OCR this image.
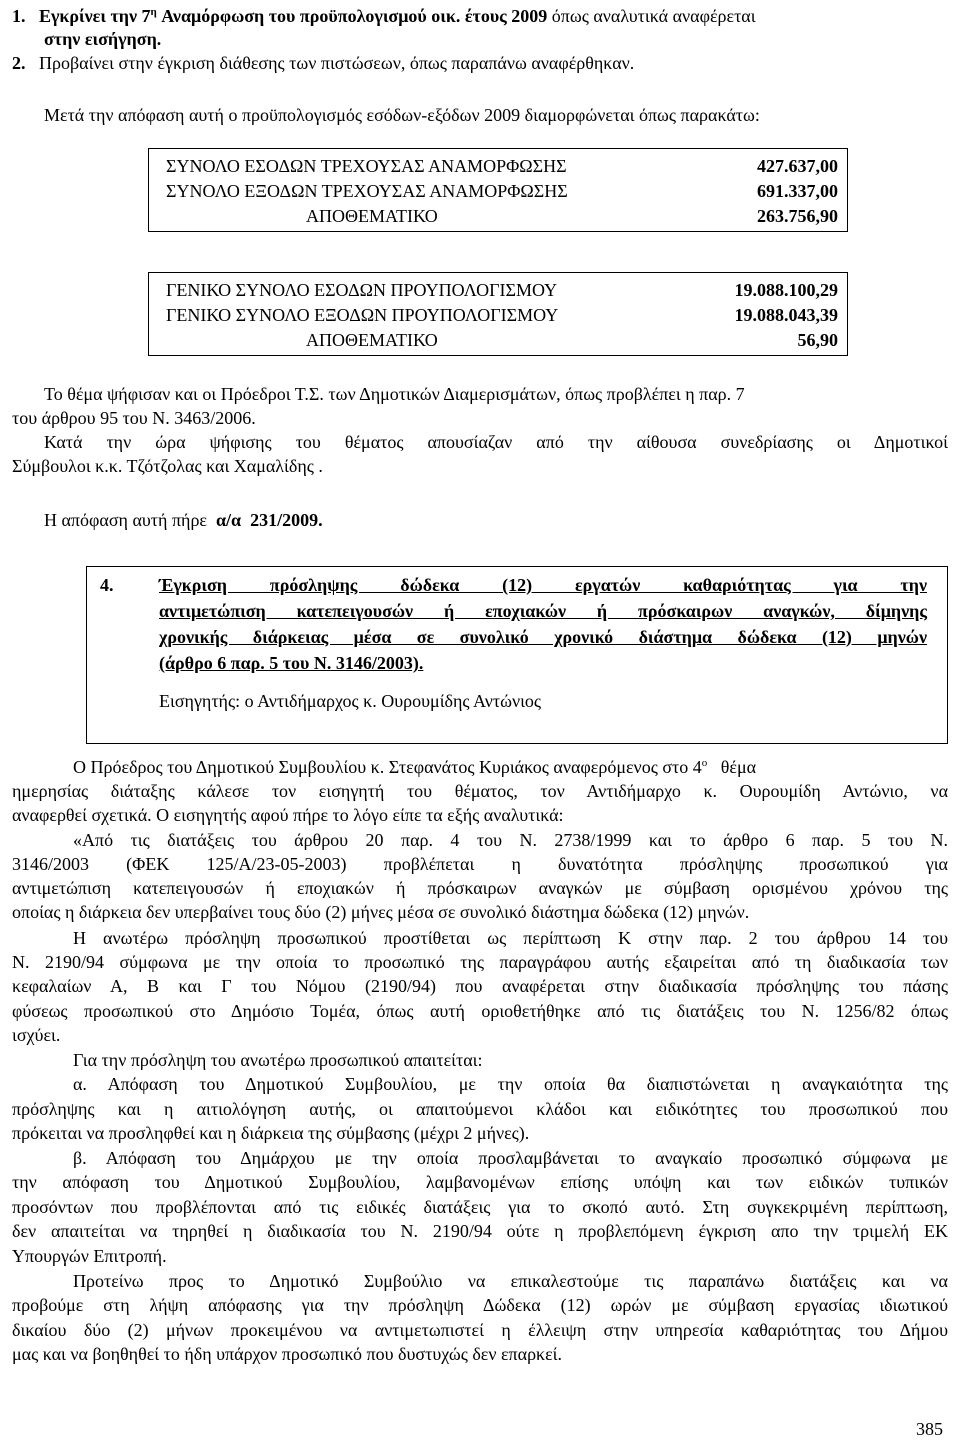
1. Εγκρίνει την $7^\eta$ Αναμόρφωση του προϋπολογισμού οικ. έτους 2009 όπως αναλυτικά αναφέρεται
στην εισήγηση.
2. Προβαίνει στην έγκριση διάθεσης των πιστώσεων, όπως παραπάνω αναφέρθηκαν.
Μετά την απόφαση αυτή ο προϋπολογισμός εσόδων-εξόδων 2009 διαμορφώνεται όπως παρακάτω:
ΣΥΝΟΛΟ ΕΣΟΔΩΝ ΤΡΕΧΟΥΣΑΣ ΑΝΑΜΟΡΦΩΣΗΣ	427.637,00
ΣΥΝΟΛΟ ΕΞΟΔΩΝ ΤΡΕΧΟΥΣΑΣ ΑΝΑΜΟΡΦΩΣΗΣ	691.337,00
ΑΠΟΘΕΜΑΤΙΚΟ	263.756,90
ΓΕΝΙΚΟ ΣΥΝΟΛΟ ΕΣΟΔΩΝ ΠΡΟΥΠΟΛΟΓΙΣΜΟΥ	19.088.100,29
ΓΕΝΙΚΟ ΣΥΝΟΛΟ ΕΞΟΔΩΝ ΠΡΟΥΠΟΛΟΓΙΣΜΟΥ	19.088.043,39
ΑΠΟΘΕΜΑΤΙΚΟ	56,90
Το θέμα ψήφισαν και οι Πρόεδροι Τ.Σ. των Δημοτικών Διαμερισμάτων, όπως προβλέπει η παρ. 7
του άρθρου 95 του Ν. 3463/2006.
Κατά την ώρα ψήφισης του θέματος απουσίαζαν από την αίθουσα συνεδρίασης οι Δημοτικοί
Σύμβουλοι κ.κ. Τζότζολας και Χαμαλίδης .
Η απόφαση αυτή πήρε α/α 231/2009.
4.	Έγκριση πρόσληψης δώδεκα (12) εργατών καθαριότητας για την
αντιμετώπιση κατεπειγουσών ή εποχιακών ή πρόσκαιρων αναγκών, δίμηνης
χρονικής διάρκειας μέσα σε συνολικό χρονικό διάστημα δώδεκα (12) μηνών
(άρθρο 6 παρ. 5 του Ν. 3146/2003).
Εισηγητής: ο Αντιδήμαρχος κ. Ουρουμίδης Αντώνιος
Ο Πρόεδρος του Δημοτικού Συμβουλίου κ. Στεφανάτος Κυριάκος αναφερόμενος στο $4^o$ θέμα
ημερησίας διάταξης κάλεσε τον εισηγητή του θέματος, τον Αντιδήμαρχο κ. Ουρουμίδη Αντώνιο, να
αναφερθεί σχετικά. Ο εισηγητής αφού πήρε το λόγο είπε τα εξής αναλυτικά:
«Από τις διατάξεις του άρθρου 20 παρ. 4 του Ν. 2738/1999 και το άρθρο 6 παρ. 5 του Ν.
3146/2003 (ΦΕΚ 125/Α/23-05-2003) προβλέπεται η δυνατότητα πρόσληψης προσωπικού για
αντιμετώπιση κατεπειγουσών ή εποχιακών ή πρόσκαιρων αναγκών με σύμβαση ορισμένου χρόνου της
οποίας η διάρκεια δεν υπερβαίνει τους δύο (2) μήνες μέσα σε συνολικό διάστημα δώδεκα (12) μηνών.
Η ανωτέρω πρόσληψη προσωπικού προστίθεται ως περίπτωση Κ στην παρ. 2 του άρθρου 14 του
Ν. 2190/94 σύμφωνα με την οποία το προσωπικό της παραγράφου αυτής εξαιρείται από τη διαδικασία των
κεφαλαίων Α, Β και Γ του Νόμου (2190/94) που αναφέρεται στην διαδικασία πρόσληψης του πάσης
φύσεως προσωπικού στο Δημόσιο Τομέα, όπως αυτή οριοθετήθηκε από τις διατάξεις του Ν. 1256/82 όπως
ισχύει.
Για την πρόσληψη του ανωτέρω προσωπικού απαιτείται:
α. Απόφαση του Δημοτικού Συμβουλίου, με την οποία θα διαπιστώνεται η αναγκαιότητα της
πρόσληψης και η αιτιολόγηση αυτής, οι απαιτούμενοι κλάδοι και ειδικότητες του προσωπικού που
πρόκειται να προσληφθεί και η διάρκεια της σύμβασης (μέχρι 2 μήνες).
β. Απόφαση του Δημάρχου με την οποία προσλαμβάνεται το αναγκαίο προσωπικό σύμφωνα με
την απόφαση του Δημοτικού Συμβουλίου, λαμβανομένων επίσης υπόψη και των ειδικών τυπικών
προσόντων που προβλέπονται από τις ειδικές διατάξεις για το σκοπό αυτό. Στη συγκεκριμένη περίπτωση,
δεν απαιτείται να τηρηθεί η διαδικασία του Ν. 2190/94 ούτε η προβλεπόμενη έγκριση απο την τριμελή ΕΚ
Υπουργών Επιτροπή.
Προτείνω προς το Δημοτικό Συμβούλιο να επικαλεστούμε τις παραπάνω διατάξεις και να
προβούμε στη λήψη απόφασης για την πρόσληψη Δώδεκα (12) ωρών με σύμβαση εργασίας ιδιωτικού
δικαίου δύο (2) μήνων προκειμένου να αντιμετωπιστεί η έλλειψη στην υπηρεσία καθαριότητας του Δήμου
μας και να βοηθηθεί το ήδη υπάρχον προσωπικό που δυστυχώς δεν επαρκεί.
385
